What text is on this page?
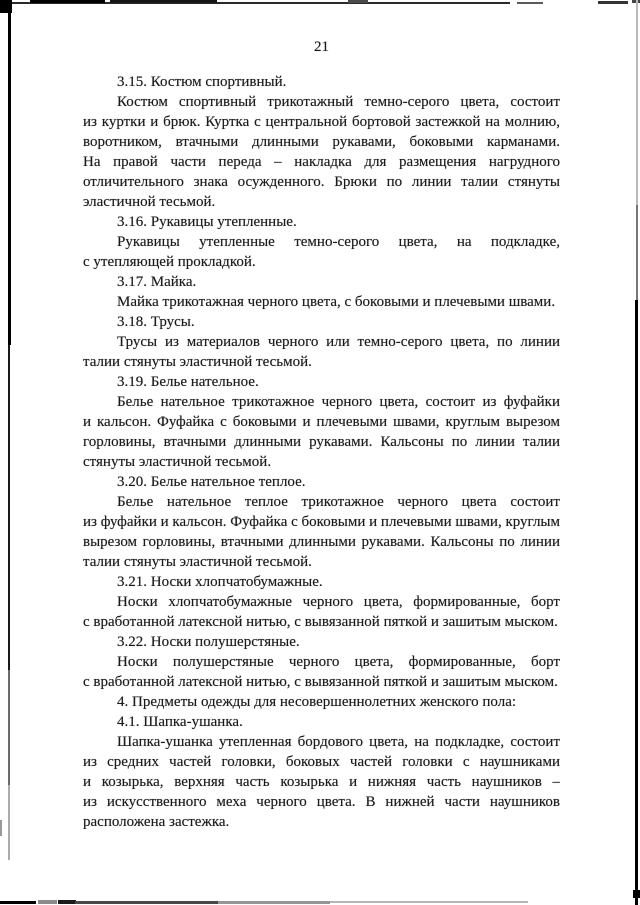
21
3.15. Костюм спортивный.
Костюм спортивный трикотажный темно-серого цвета, состоит
из куртки и брюк. Куртка с центральной бортовой застежкой на молнию,
воротником, втачными длинными рукавами, боковыми карманами.
На правой части переда – накладка для размещения нагрудного
отличительного знака осужденного. Брюки по линии талии стянуты
эластичной тесьмой.
3.16. Рукавицы утепленные.
Рукавицы утепленные темно-серого цвета, на подкладке,
с утепляющей прокладкой.
3.17. Майка.
Майка трикотажная черного цвета, с боковыми и плечевыми швами.
3.18. Трусы.
Трусы из материалов черного или темно-серого цвета, по линии
талии стянуты эластичной тесьмой.
3.19. Белье нательное.
Белье нательное трикотажное черного цвета, состоит из фуфайки
и кальсон. Фуфайка с боковыми и плечевыми швами, круглым вырезом
горловины, втачными длинными рукавами. Кальсоны по линии талии
стянуты эластичной тесьмой.
3.20. Белье нательное теплое.
Белье нательное теплое трикотажное черного цвета состоит
из фуфайки и кальсон. Фуфайка с боковыми и плечевыми швами, круглым
вырезом горловины, втачными длинными рукавами. Кальсоны по линии
талии стянуты эластичной тесьмой.
3.21. Носки хлопчатобумажные.
Носки хлопчатобумажные черного цвета, формированные, борт
с вработанной латексной нитью, с вывязанной пяткой и зашитым мыском.
3.22. Носки полушерстяные.
Носки полушерстяные черного цвета, формированные, борт
с вработанной латексной нитью, с вывязанной пяткой и зашитым мыском.
4. Предметы одежды для несовершеннолетних женского пола:
4.1. Шапка-ушанка.
Шапка-ушанка утепленная бордового цвета, на подкладке, состоит
из средних частей головки, боковых частей головки с наушниками
и козырька, верхняя часть козырька и нижняя часть наушников –
из искусственного меха черного цвета. В нижней части наушников
расположена застежка.
